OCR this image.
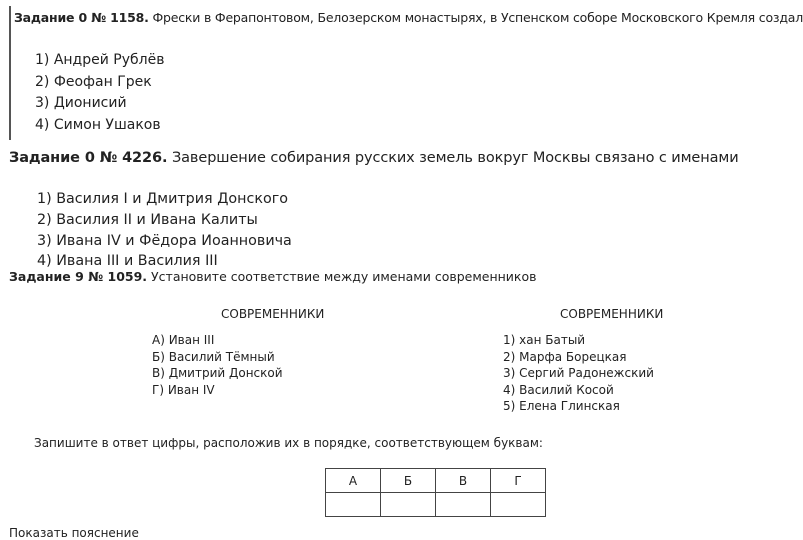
Задание 0 № 1158. Фрески в Ферапонтовом, Белозерском монастырях, в Успенском соборе Московского Кремля создал
1) Андрей Рублёв
2) Феофан Грек
3) Дионисий
4) Симон Ушаков
Задание 0 № 4226. Завершение собирания русских земель вокруг Москвы связано с именами
1) Василия I и Дмитрия Донского
2) Василия II и Ивана Калиты
3) Ивана IV и Фёдора Иоанновича
4) Ивана III и Василия III
Задание 9 № 1059. Установите соответствие между именами современников
СОВРЕМЕННИКИ	СОВРЕМЕННИКИ
А) Иван III
Б) Василий Тёмный
В) Дмитрий Донской
Г) Иван IV
1) хан Батый
2) Марфа Борецкая
3) Сергий Радонежский
4) Василий Косой
5) Елена Глинская
Запишите в ответ цифры, расположив их в порядке, соответствующем буквам:
А	Б	В	Г

Показать пояснение
